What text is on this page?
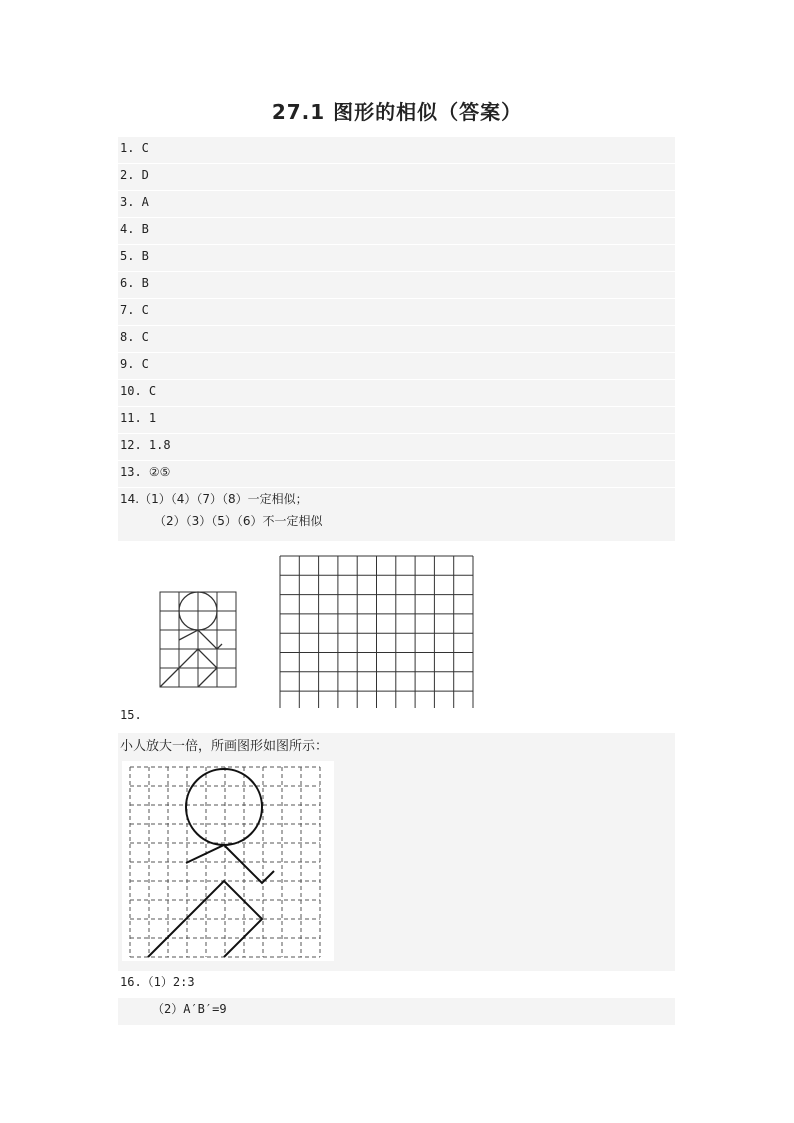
27.1 图形的相似（答案）
1. C
2. D
3. A
4. B
5. B
6. B
7. C
8. C
9. C
10. C
11. 1
12. 1.8
13. ②⑤
14.（1）（4）（7）（8）一定相似；
（2）（3）（5）（6）不一定相似
15.
小人放大一倍，所画图形如图所示：
16.（1）2:3
（2）A′B′=9
